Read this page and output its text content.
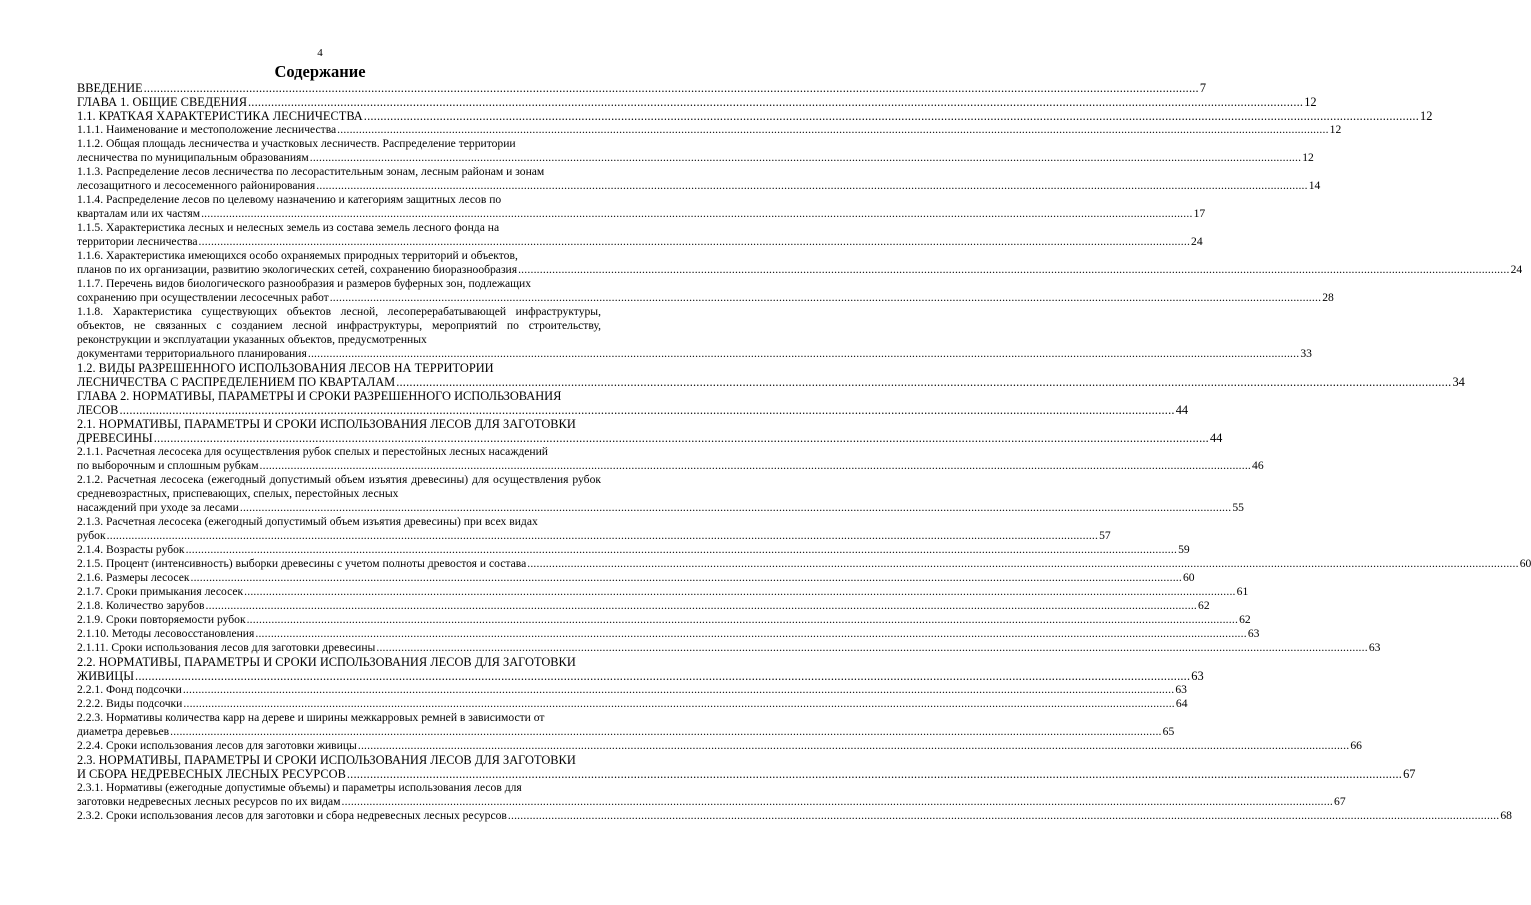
4
Содержание
ВВЕДЕНИЕ .....	7
ГЛАВА 1. ОБЩИЕ СВЕДЕНИЯ .....	12
1.1. КРАТКАЯ ХАРАКТЕРИСТИКА ЛЕСНИЧЕСТВА .....	12
1.1.1. Наименование и местоположение лесничества .....	12
1.1.2. Общая площадь лесничества и участковых лесничеств. Распределение территории
лесничества по муниципальным образованиям .....	12
1.1.3. Распределение лесов лесничества по лесорастительным зонам, лесным районам и зонам
лесозащитного и лесосеменного районирования .....	14
1.1.4. Распределение лесов по целевому назначению и категориям защитных лесов по
кварталам или их частям .....	17
1.1.5. Характеристика лесных и нелесных земель из состава земель лесного фонда на
территории лесничества .....	24
1.1.6. Характеристика имеющихся особо охраняемых природных территорий и объектов,
планов по их организации, развитию экологических сетей, сохранению биоразнообразия .....	24
1.1.7. Перечень видов биологического разнообразия и размеров буферных зон, подлежащих
сохранению при осуществлении лесосечных работ .....	28
1.1.8. Характеристика существующих объектов лесной, лесоперерабатывающей инфраструктуры, объектов, не связанных с созданием лесной инфраструктуры, мероприятий по строительству, реконструкции и эксплуатации указанных объектов, предусмотренных
документами территориального планирования .....	33
1.2. ВИДЫ РАЗРЕШЕННОГО ИСПОЛЬЗОВАНИЯ ЛЕСОВ НА ТЕРРИТОРИИ
ЛЕСНИЧЕСТВА С РАСПРЕДЕЛЕНИЕМ ПО КВАРТАЛАМ .....	34
ГЛАВА 2. НОРМАТИВЫ, ПАРАМЕТРЫ И СРОКИ РАЗРЕШЕННОГО ИСПОЛЬЗОВАНИЯ
ЛЕСОВ .....	44
2.1. НОРМАТИВЫ, ПАРАМЕТРЫ И СРОКИ ИСПОЛЬЗОВАНИЯ ЛЕСОВ ДЛЯ ЗАГОТОВКИ
ДРЕВЕСИНЫ .....	44
2.1.1. Расчетная лесосека для осуществления рубок спелых и перестойных лесных насаждений
по выборочным и сплошным рубкам .....	46
2.1.2. Расчетная лесосека (ежегодный допустимый объем изъятия древесины) для осуществления рубок средневозрастных, приспевающих, спелых, перестойных лесных
насаждений при уходе за лесами .....	55
2.1.3. Расчетная лесосека (ежегодный допустимый объем изъятия древесины) при всех видах
рубок .....	57
2.1.4. Возрасты рубок .....	59
2.1.5. Процент (интенсивность) выборки древесины с учетом полноты древостоя и состава .....	60
2.1.6. Размеры лесосек .....	60
2.1.7. Сроки примыкания лесосек .....	61
2.1.8. Количество зарубов .....	62
2.1.9. Сроки повторяемости рубок .....	62
2.1.10. Методы лесовосстановления .....	63
2.1.11. Сроки использования лесов для заготовки древесины .....	63
2.2. НОРМАТИВЫ, ПАРАМЕТРЫ И СРОКИ ИСПОЛЬЗОВАНИЯ ЛЕСОВ ДЛЯ ЗАГОТОВКИ
ЖИВИЦЫ .....	63
2.2.1. Фонд подсочки .....	63
2.2.2. Виды подсочки .....	64
2.2.3. Нормативы количества карр на дереве и ширины межкарровых ремней в зависимости от
диаметра деревьев .....	65
2.2.4. Сроки использования лесов для заготовки живицы .....	66
2.3. НОРМАТИВЫ, ПАРАМЕТРЫ И СРОКИ ИСПОЛЬЗОВАНИЯ ЛЕСОВ ДЛЯ ЗАГОТОВКИ
И СБОРА НЕДРЕВЕСНЫХ ЛЕСНЫХ РЕСУРСОВ .....	67
2.3.1. Нормативы (ежегодные допустимые объемы) и параметры использования лесов для
заготовки недревесных лесных ресурсов по их видам .....	67
2.3.2. Сроки использования лесов для заготовки и сбора недревесных лесных ресурсов .....	68
